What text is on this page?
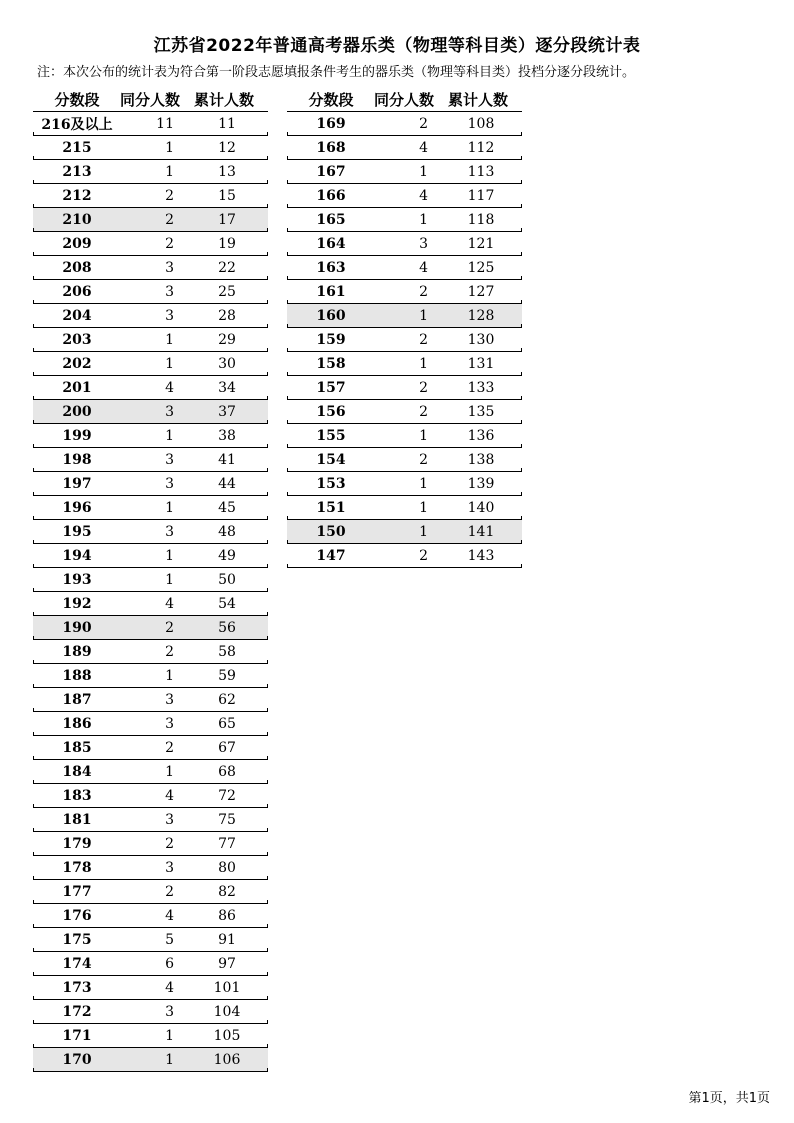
江苏省2022年普通高考器乐类（物理等科目类）逐分段统计表
注：本次公布的统计表为符合第一阶段志愿填报条件考生的器乐类（物理等科目类）投档分逐分段统计。
分数段	同分人数 累计人数
216及以上	11	11
215	1	12
213	1	13
212	2	15
210	2	17
209	2	19
208	3	22
206	3	25
204	3	28
203	1	29
202	1	30
201	4	34
200	3	37
199	1	38
198	3	41
197	3	44
196	1	45
195	3	48
194	1	49
193	1	50
192	4	54
190	2	56
189	2	58
188	1	59
187	3	62
186	3	65
185	2	67
184	1	68
183	4	72
181	3	75
179	2	77
178	3	80
177	2	82
176	4	86
175	5	91
174	6	97
173	4	101
172	3	104
171	1	105
170	1	106
分数段	同分人数 累计人数
169	2	108
168	4	112
167	1	113
166	4	117
165	1	118
164	3	121
163	4	125
161	2	127
160	1	128
159	2	130
158	1	131
157	2	133
156	2	135
155	1	136
154	2	138
153	1	139
151	1	140
150	1	141
147	2	143
第1页，共1页
